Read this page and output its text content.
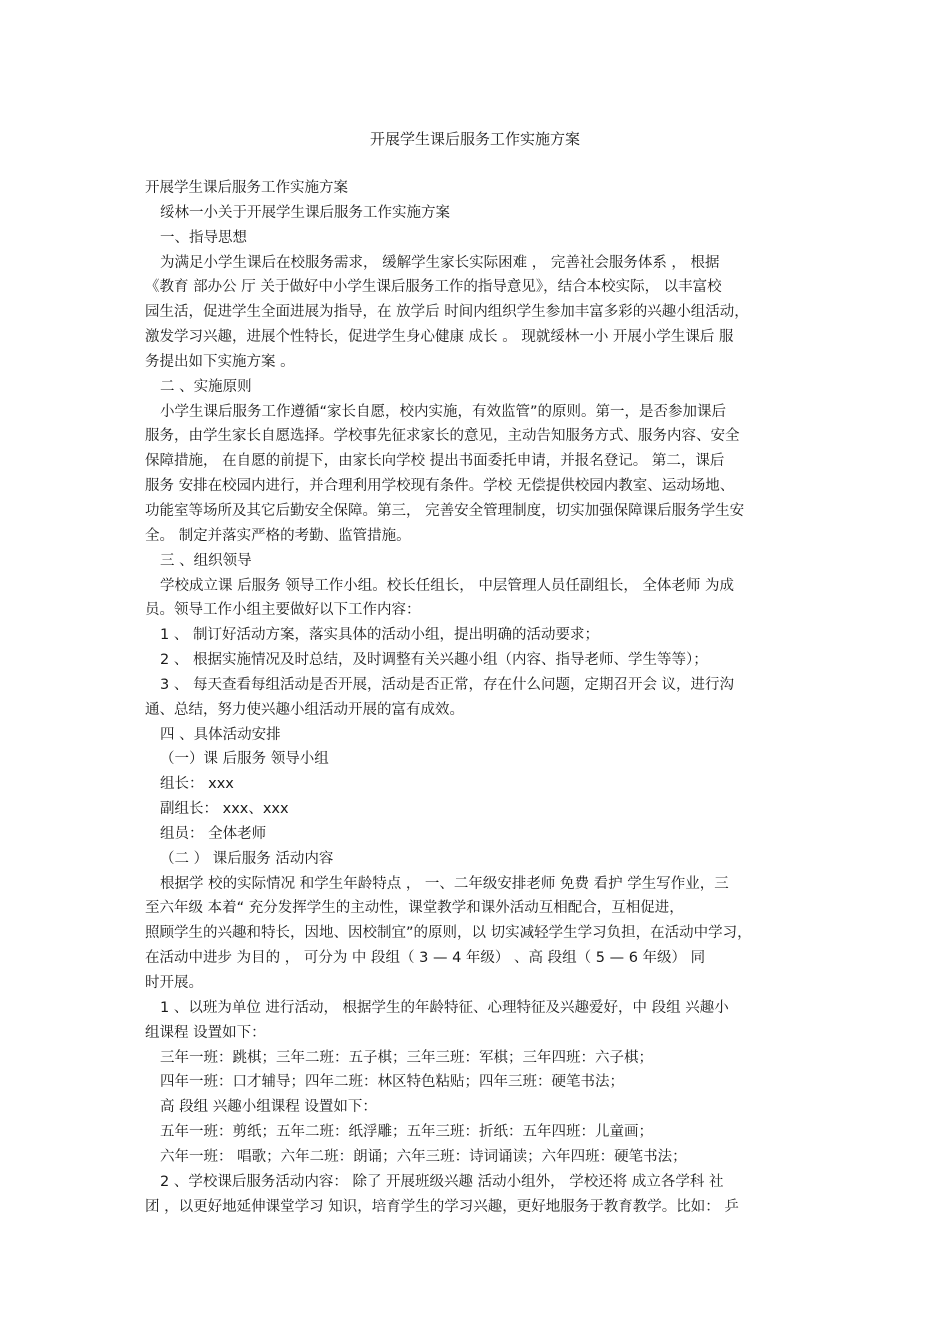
开展学生课后服务工作实施方案
开展学生课后服务工作实施方案
绥林一小关于开展学生课后服务工作实施方案
一、指导思想
为满足小学生课后在校服务需求， 缓解学生家长实际困难 ， 完善社会服务体系 ， 根据
《教育 部办公 厅 关于做好中小学生课后服务工作的指导意见》，结合本校实际， 以丰富校
园生活，促进学生全面进展为指导，在 放学后 时间内组织学生参加丰富多彩的兴趣小组活动，
激发学习兴趣，进展个性特长，促进学生身心健康 成长 。 现就绥林一小 开展小学生课后 服
务提出如下实施方案 。
二 、实施原则
小学生课后服务工作遵循“家长自愿，校内实施，有效监管”的原则。第一，是否参加课后
服务，由学生家长自愿选择。学校事先征求家长的意见，主动告知服务方式、服务内容、安全
保障措施， 在自愿的前提下，由家长向学校 提出书面委托申请，并报名登记。 第二，课后
服务 安排在校园内进行，并合理利用学校现有条件。学校 无偿提供校园内教室、运动场地、
功能室等场所及其它后勤安全保障。第三， 完善安全管理制度，切实加强保障课后服务学生安
全。 制定并落实严格的考勤、监管措施。
三 、组织领导
学校成立课 后服务 领导工作小组。校长任组长， 中层管理人员任副组长， 全体老师 为成
员。领导工作小组主要做好以下工作内容：
1 、 制订好活动方案，落实具体的活动小组，提出明确的活动要求；
2 、 根据实施情况及时总结，及时调整有关兴趣小组（内容、指导老师、学生等等）；
3 、 每天查看每组活动是否开展，活动是否正常，存在什么问题，定期召开会 议，进行沟
通、总结，努力使兴趣小组活动开展的富有成效。
四 、具体活动安排
（一）课 后服务 领导小组
组长： xxx
副组长： xxx、xxx
组员： 全体老师
（二 ） 课后服务 活动内容
根据学 校的实际情况 和学生年龄特点 ， 一、二年级安排老师 免费 看护 学生写作业，三
至六年级 本着“ 充分发挥学生的主动性，课堂教学和课外活动互相配合，互相促进，
照顾学生的兴趣和特长，因地、因校制宜”的原则，以 切实减轻学生学习负担，在活动中学习，
在活动中进步 为目的 ， 可分为 中 段组（ 3 — 4 年级） 、高 段组（ 5 — 6 年级） 同
时开展。
1 、以班为单位 进行活动， 根据学生的年龄特征、心理特征及兴趣爱好，中 段组 兴趣小
组课程 设置如下：
三年一班：跳棋；三年二班：五子棋；三年三班：军棋；三年四班：六子棋；
四年一班：口才辅导；四年二班：林区特色粘贴；四年三班：硬笔书法；
高 段组 兴趣小组课程 设置如下：
五年一班：剪纸；五年二班：纸浮雕；五年三班：折纸：五年四班：儿童画；
六年一班： 唱歌；六年二班：朗诵；六年三班：诗词诵读；六年四班：硬笔书法；
2 、学校课后服务活动内容： 除了 开展班级兴趣 活动小组外， 学校还将 成立各学科 社
团 ，以更好地延伸课堂学习 知识，培育学生的学习兴趣，更好地服务于教育教学。比如： 乒
